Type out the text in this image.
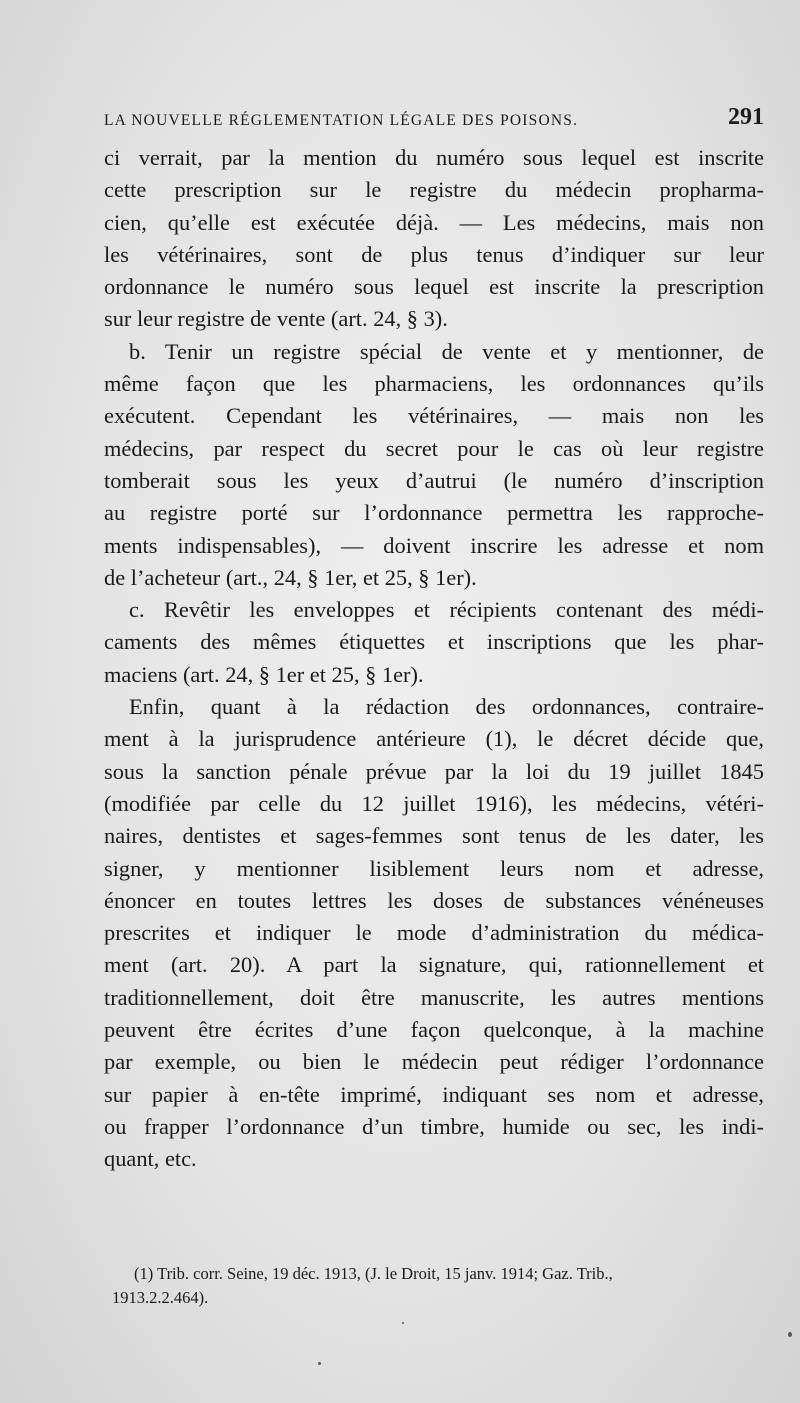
LA NOUVELLE RÉGLEMENTATION LÉGALE DES POISONS.	291
ci verrait, par la mention du numéro sous lequel est inscrite
cette prescription sur le registre du médecin propharma-
cien, qu’elle est exécutée déjà. — Les médecins, mais non
les vétérinaires, sont de plus tenus d’indiquer sur leur
ordonnance le numéro sous lequel est inscrite la prescription
sur leur registre de vente (art. 24, § 3).
b. Tenir un registre spécial de vente et y mentionner, de
même façon que les pharmaciens, les ordonnances qu’ils
exécutent. Cependant les vétérinaires, — mais non les
médecins, par respect du secret pour le cas où leur registre
tomberait sous les yeux d’autrui (le numéro d’inscription
au registre porté sur l’ordonnance permettra les rapproche-
ments indispensables), — doivent inscrire les adresse et nom
de l’acheteur (art., 24, § 1er, et 25, § 1er).
c. Revêtir les enveloppes et récipients contenant des médi-
caments des mêmes étiquettes et inscriptions que les phar-
maciens (art. 24, § 1er et 25, § 1er).
Enfin, quant à la rédaction des ordonnances, contraire-
ment à la jurisprudence antérieure (1), le décret décide que,
sous la sanction pénale prévue par la loi du 19 juillet 1845
(modifiée par celle du 12 juillet 1916), les médecins, vétéri-
naires, dentistes et sages-femmes sont tenus de les dater, les
signer, y mentionner lisiblement leurs nom et adresse,
énoncer en toutes lettres les doses de substances vénéneuses
prescrites et indiquer le mode d’administration du médica-
ment (art. 20). A part la signature, qui, rationnellement et
traditionnellement, doit être manuscrite, les autres mentions
peuvent être écrites d’une façon quelconque, à la machine
par exemple, ou bien le médecin peut rédiger l’ordonnance
sur papier à en-tête imprimé, indiquant ses nom et adresse,
ou frapper l’ordonnance d’un timbre, humide ou sec, les indi-
quant, etc.
(1) Trib. corr. Seine, 19 déc. 1913, (J. le Droit, 15 janv. 1914; Gaz. Trib.,
1913.2.2.464).
